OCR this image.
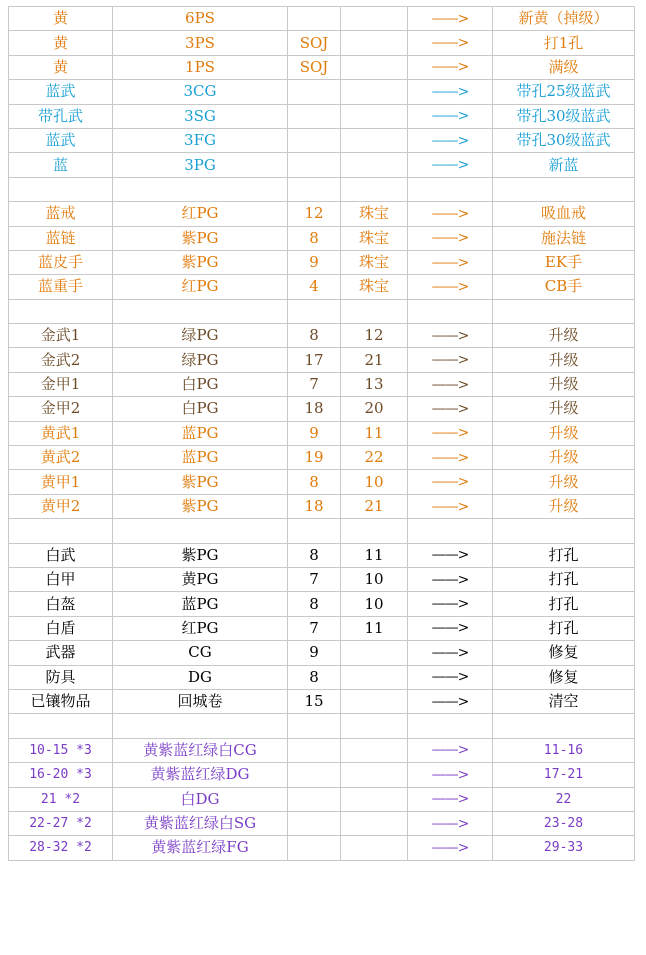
黄	6PS			——>	新黄（掉级）
黄	3PS	SOJ		——>	打1孔
黄	1PS	SOJ		——>	满级
蓝武	3CG			——>	带孔25级蓝武
带孔武	3SG			——>	带孔30级蓝武
蓝武	3FG			——>	带孔30级蓝武
蓝	3PG			——>	新蓝

蓝戒	红PG	12	珠宝	——>	吸血戒
蓝链	紫PG	8	珠宝	——>	施法链
蓝皮手	紫PG	9	珠宝	——>	EK手
蓝重手	红PG	4	珠宝	——>	CB手

金武1	绿PG	8	12	——>	升级
金武2	绿PG	17	21	——>	升级
金甲1	白PG	7	13	——>	升级
金甲2	白PG	18	20	——>	升级
黄武1	蓝PG	9	11	——>	升级
黄武2	蓝PG	19	22	——>	升级
黄甲1	紫PG	8	10	——>	升级
黄甲2	紫PG	18	21	——>	升级

白武	紫PG	8	11	——>	打孔
白甲	黄PG	7	10	——>	打孔
白盔	蓝PG	8	10	——>	打孔
白盾	红PG	7	11	——>	打孔
武器	CG	9		——>	修复
防具	DG	8		——>	修复
已镶物品	回城卷	15		——>	清空

10-15 *3	黄紫蓝红绿白CG			——>	11-16
16-20 *3	黄紫蓝红绿DG			——>	17-21
21 *2	白DG			——>	22
22-27 *2	黄紫蓝红绿白SG			——>	23-28
28-32 *2	黄紫蓝红绿FG			——>	29-33
